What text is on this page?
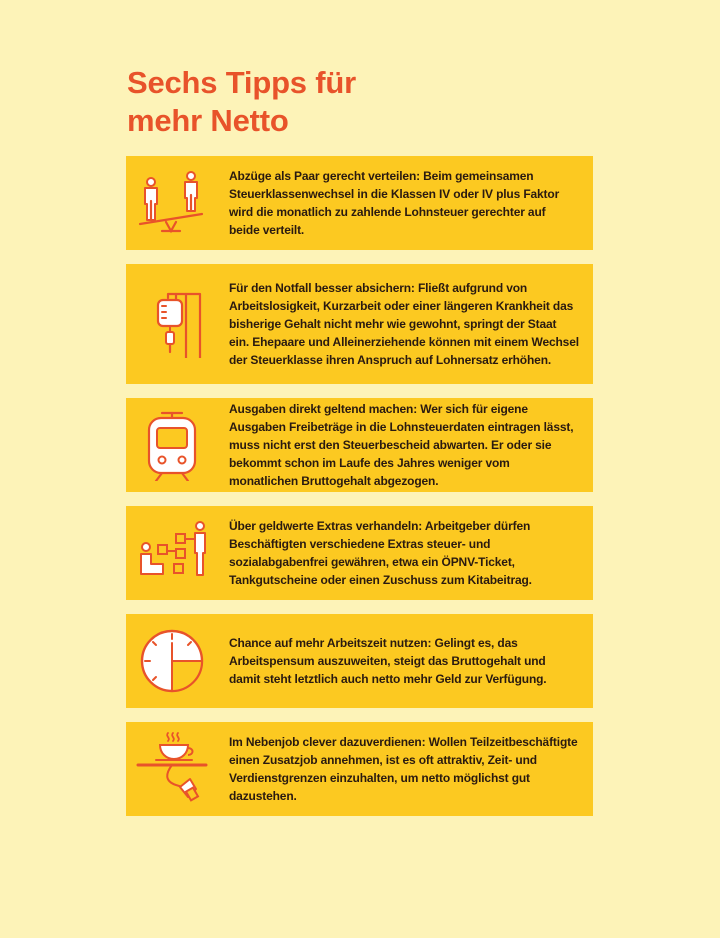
Sechs Tipps für
mehr Netto
Abzüge als Paar gerecht verteilen: Beim gemeinsamen Steuerklassenwechsel in die Klassen IV oder IV plus Faktor wird die monatlich zu zahlende Lohnsteuer gerechter auf beide verteilt.
Für den Notfall besser absichern: Fließt aufgrund von Arbeitslosigkeit, Kurzarbeit oder einer längeren Krankheit das bisherige Gehalt nicht mehr wie gewohnt, springt der Staat ein. Ehepaare und Alleinerziehende können mit einem Wechsel der Steuerklasse ihren Anspruch auf Lohnersatz erhöhen.
Ausgaben direkt geltend machen: Wer sich für eigene Ausgaben Freibeträge in die Lohnsteuerdaten eintragen lässt, muss nicht erst den Steuerbescheid abwarten. Er oder sie bekommt schon im Laufe des Jahres weniger vom monatlichen Bruttogehalt abgezogen.
Über geldwerte Extras verhandeln: Arbeitgeber dürfen Beschäftigten verschiedene Extras steuer- und sozialabgabenfrei gewähren, etwa ein ÖPNV-Ticket, Tankgutscheine oder einen Zuschuss zum Kitabeitrag.
Chance auf mehr Arbeitszeit nutzen: Gelingt es, das Arbeitspensum auszuweiten, steigt das Bruttogehalt und damit steht letztlich auch netto mehr Geld zur Verfügung.
Im Nebenjob clever dazuverdienen: Wollen Teilzeitbeschäftigte einen Zusatzjob annehmen, ist es oft attraktiv, Zeit- und Verdienstgrenzen einzuhalten, um netto möglichst gut dazustehen.
